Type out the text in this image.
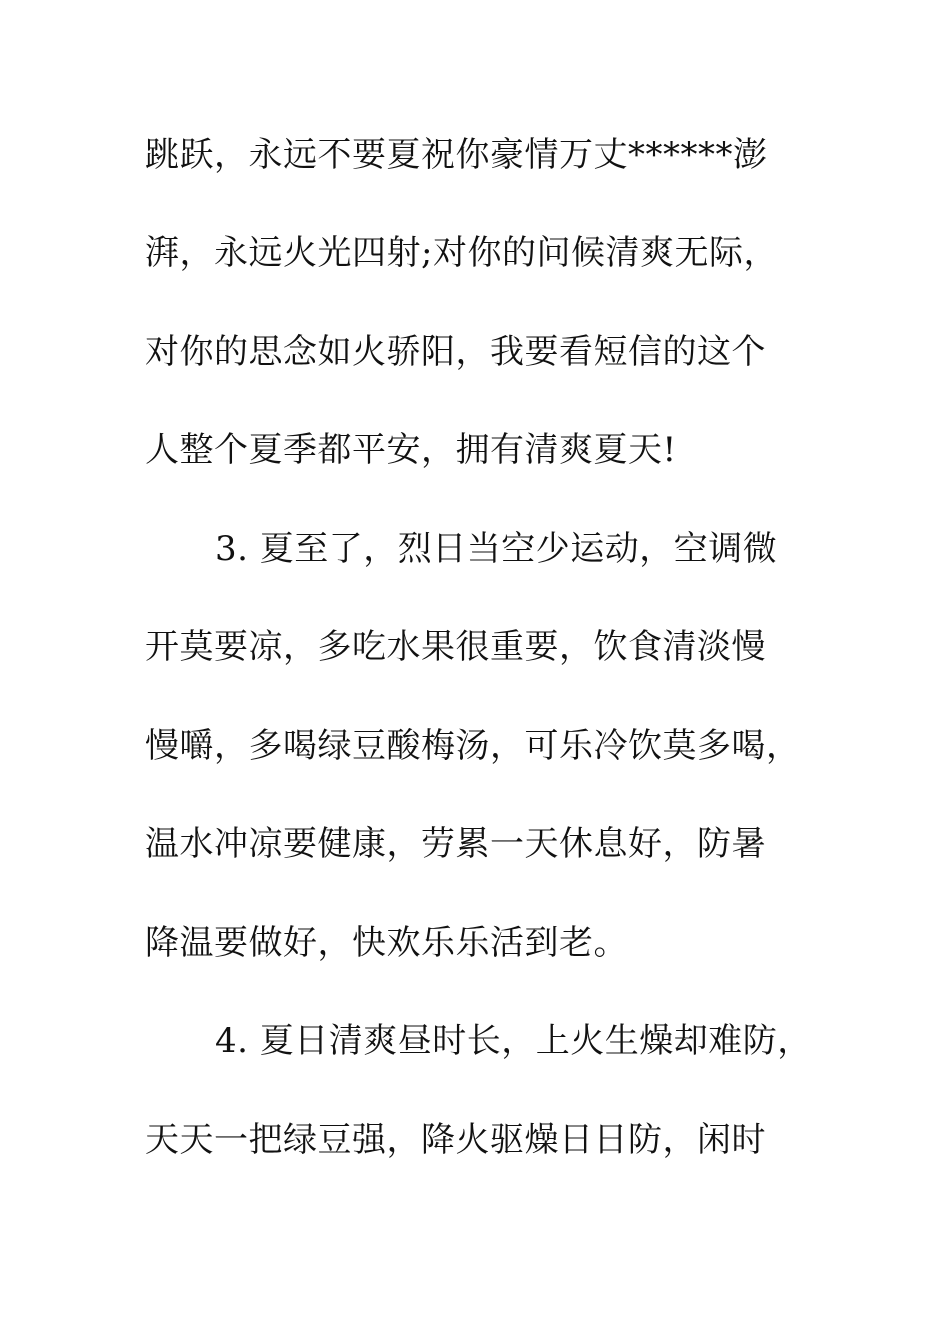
跳跃，永远不要夏祝你豪情万丈******澎
湃，永远火光四射;对你的问候清爽无际，
对你的思念如火骄阳，我要看短信的这个
人整个夏季都平安，拥有清爽夏天!
3. 夏至了，烈日当空少运动，空调微
开莫要凉，多吃水果很重要，饮食清淡慢
慢嚼，多喝绿豆酸梅汤，可乐冷饮莫多喝，
温水冲凉要健康，劳累一天休息好，防暑
降温要做好，快欢乐乐活到老。
4. 夏日清爽昼时长，上火生燥却难防，
天天一把绿豆强，降火驱燥日日防，闲时
